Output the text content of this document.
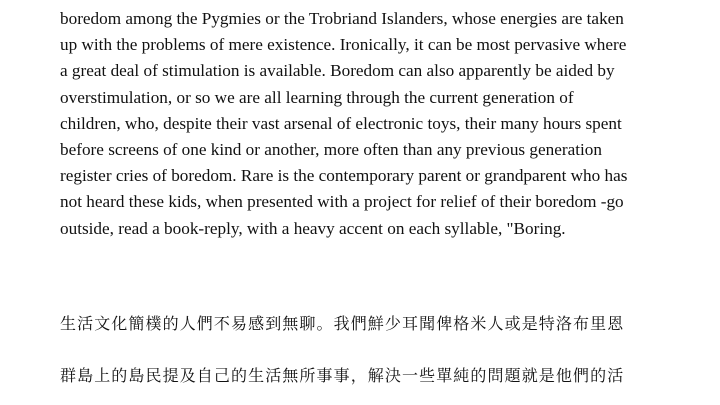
boredom among the Pygmies or the Trobriand Islanders, whose energies are taken
up with the problems of mere existence. Ironically, it can be most pervasive where
a great deal of stimulation is available. Boredom can also apparently be aided by
overstimulation, or so we are all learning through the current generation of
children, who, despite their vast arsenal of electronic toys, their many hours spent
before screens of one kind or another, more often than any previous generation
register cries of boredom. Rare is the contemporary parent or grandparent who has
not heard these kids, when presented with a project for relief of their boredom -go
outside, read a book-reply, with a heavy accent on each syllable, "Boring.

生活文化簡樸的人們不易感到無聊。我們鮮少耳聞俾格米人或是特洛布里恩

群島上的島民提及自己的生活無所事事，解決一些單純的問題就是他們的活
